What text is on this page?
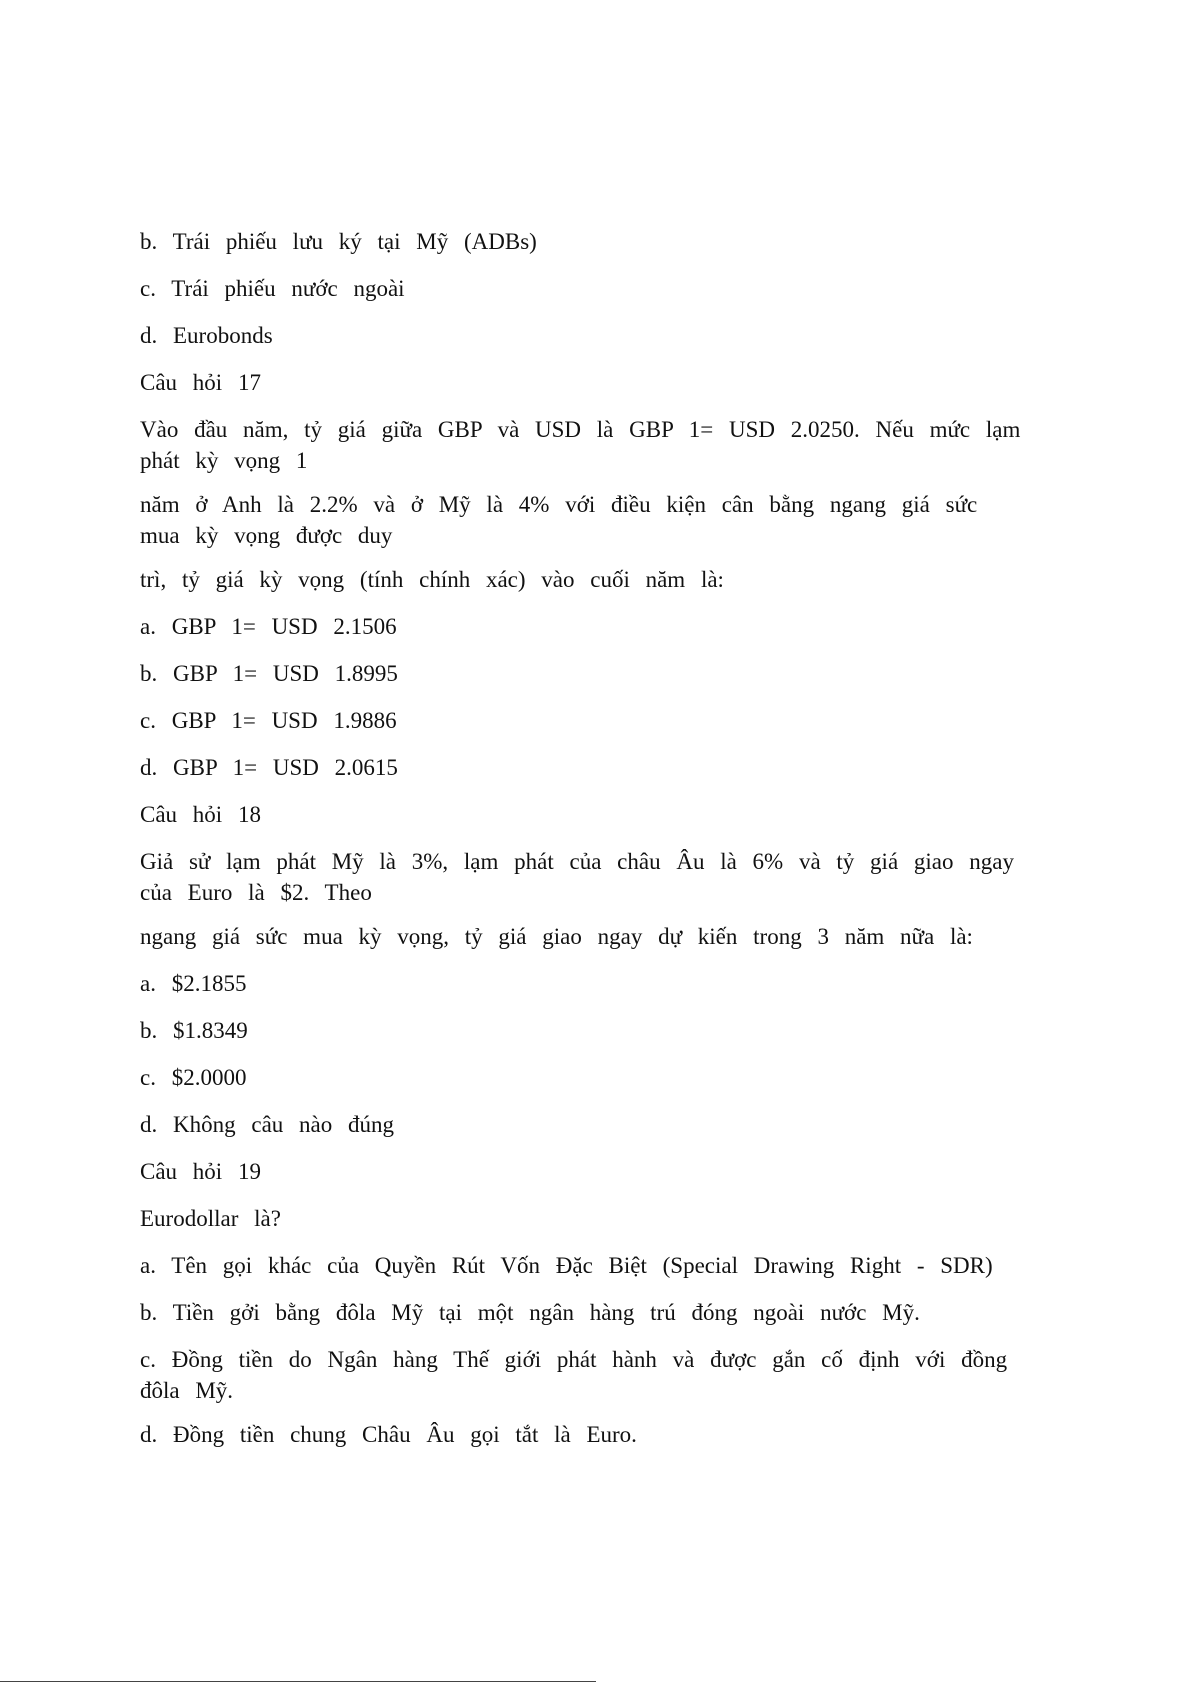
b. Trái phiếu lưu ký tại Mỹ (ADBs)

c. Trái phiếu nước ngoài

d. Eurobonds

Câu hỏi 17

Vào đầu năm, tỷ giá giữa GBP và USD là GBP 1= USD 2.0250. Nếu mức lạm phát kỳ vọng 1

năm ở Anh là 2.2% và ở Mỹ là 4% với điều kiện cân bằng ngang giá sức mua kỳ vọng được duy

trì, tỷ giá kỳ vọng (tính chính xác) vào cuối năm là:

a. GBP 1= USD 2.1506

b. GBP 1= USD 1.8995

c. GBP 1= USD 1.9886

d. GBP 1= USD 2.0615

Câu hỏi 18

Giả sử lạm phát Mỹ là 3%, lạm phát của châu Âu là 6% và tỷ giá giao ngay của Euro là $2. Theo

ngang giá sức mua kỳ vọng, tỷ giá giao ngay dự kiến trong 3 năm nữa là:

a. $2.1855

b. $1.8349

c. $2.0000

d. Không câu nào đúng

Câu hỏi 19

Eurodollar là?

a. Tên gọi khác của Quyền Rút Vốn Đặc Biệt (Special Drawing Right - SDR)

b. Tiền gởi bằng đôla Mỹ tại một ngân hàng trú đóng ngoài nước Mỹ.

c. Đồng tiền do Ngân hàng Thế giới phát hành và được gắn cố định với đồng đôla Mỹ.

d. Đồng tiền chung Châu Âu gọi tắt là Euro.
